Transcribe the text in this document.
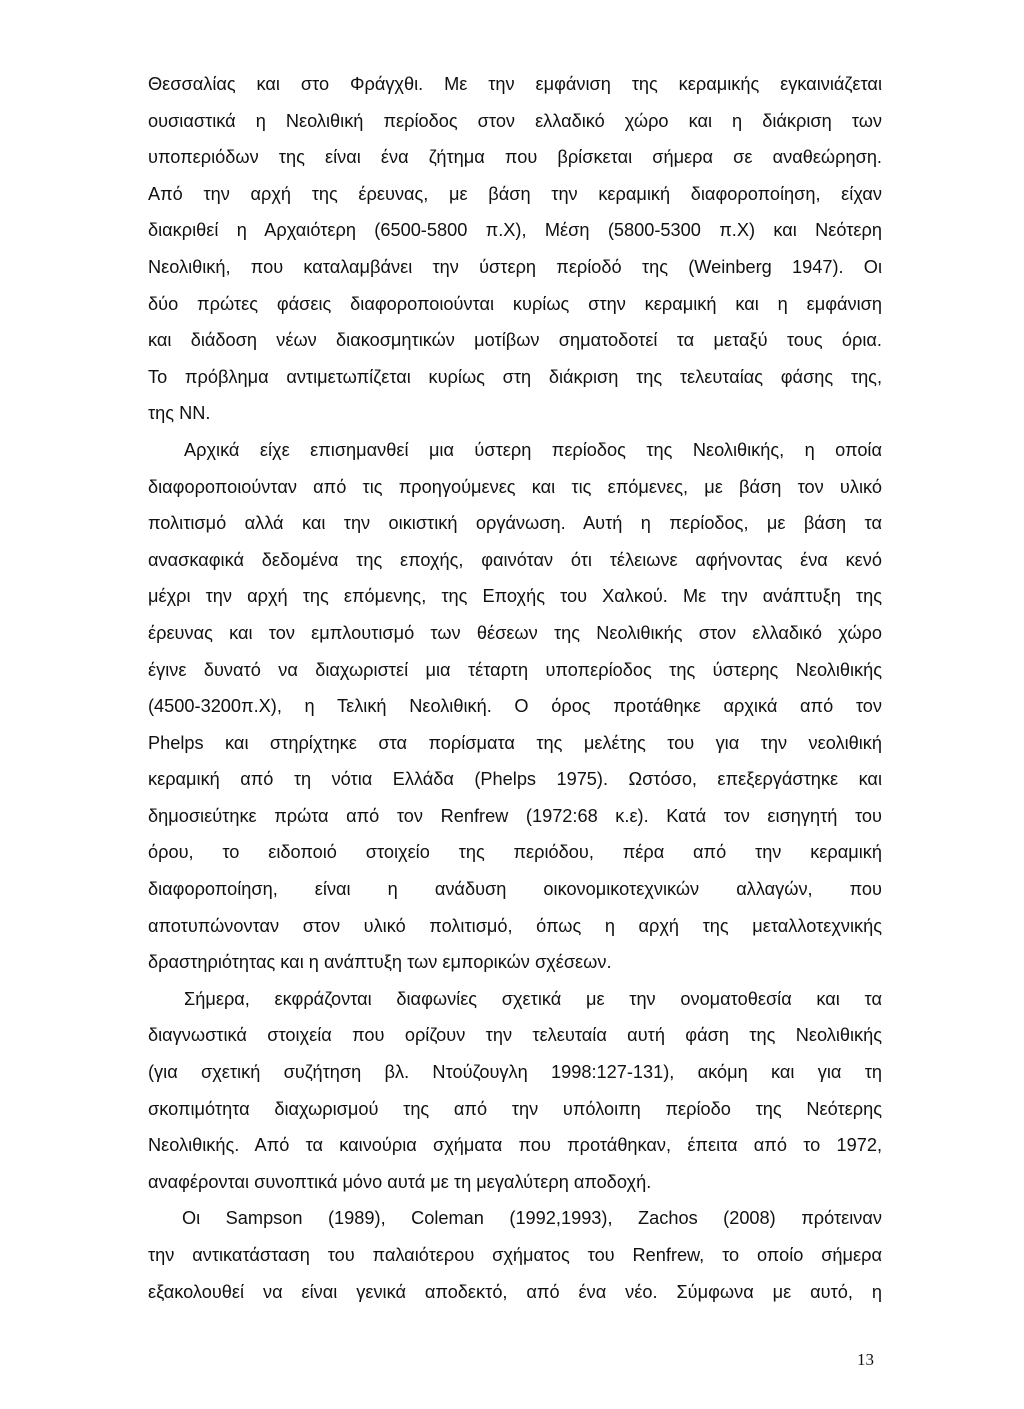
Θεσσαλίας και στο Φράγχθι. Με την εμφάνιση της κεραμικής εγκαινιάζεται
ουσιαστικά η Νεολιθική περίοδος στον ελλαδικό χώρο και η διάκριση των
υποπεριόδων της είναι ένα ζήτημα που βρίσκεται σήμερα σε αναθεώρηση.
Από την αρχή της έρευνας, με βάση την κεραμική διαφοροποίηση, είχαν
διακριθεί η Αρχαιότερη (6500-5800 π.Χ), Μέση (5800-5300 π.Χ) και Νεότερη
Νεολιθική, που καταλαμβάνει την ύστερη περίοδό της (Weinberg 1947). Οι
δύο πρώτες φάσεις διαφοροποιούνται κυρίως στην κεραμική και η εμφάνιση
και διάδοση νέων διακοσμητικών μοτίβων σηματοδοτεί τα μεταξύ τους όρια.
Το πρόβλημα αντιμετωπίζεται κυρίως στη διάκριση της τελευταίας φάσης της,
της ΝΝ.
Αρχικά είχε επισημανθεί μια ύστερη περίοδος της Νεολιθικής, η οποία
διαφοροποιούνταν από τις προηγούμενες και τις επόμενες, με βάση τον υλικό
πολιτισμό αλλά και την οικιστική οργάνωση. Αυτή η περίοδος, με βάση τα
ανασκαφικά δεδομένα της εποχής, φαινόταν ότι τέλειωνε αφήνοντας ένα κενό
μέχρι την αρχή της επόμενης, της Εποχής του Χαλκού. Με την ανάπτυξη της
έρευνας και τον εμπλουτισμό των θέσεων της Νεολιθικής στον ελλαδικό χώρο
έγινε δυνατό να διαχωριστεί μια τέταρτη υποπερίοδος της ύστερης Νεολιθικής
(4500-3200π.Χ), η Τελική Νεολιθική. Ο όρος προτάθηκε αρχικά από τον
Phelps και στηρίχτηκε στα πορίσματα της μελέτης του για την νεολιθική
κεραμική από τη νότια Ελλάδα (Phelps 1975). Ωστόσο, επεξεργάστηκε και
δημοσιεύτηκε πρώτα από τον Renfrew (1972:68 κ.ε). Κατά τον εισηγητή του
όρου, το ειδοποιό στοιχείο της περιόδου, πέρα από την κεραμική
διαφοροποίηση, είναι η ανάδυση οικονομικοτεχνικών αλλαγών, που
αποτυπώνονταν στον υλικό πολιτισμό, όπως η αρχή της μεταλλοτεχνικής
δραστηριότητας και η ανάπτυξη των εμπορικών σχέσεων.
Σήμερα, εκφράζονται διαφωνίες σχετικά με την ονοματοθεσία και τα
διαγνωστικά στοιχεία που ορίζουν την τελευταία αυτή φάση της Νεολιθικής
(για σχετική συζήτηση βλ. Ντούζουγλη 1998:127-131), ακόμη και για τη
σκοπιμότητα διαχωρισμού της από την υπόλοιπη περίοδο της Νεότερης
Νεολιθικής. Από τα καινούρια σχήματα που προτάθηκαν, έπειτα από το 1972,
αναφέρονται συνοπτικά μόνο αυτά με τη μεγαλύτερη αποδοχή.
Οι Sampson (1989), Coleman (1992,1993), Zachos (2008) πρότειναν
την αντικατάσταση του παλαιότερου σχήματος του Renfrew, το οποίο σήμερα
εξακολουθεί να είναι γενικά αποδεκτό, από ένα νέο. Σύμφωνα με αυτό, η
13
